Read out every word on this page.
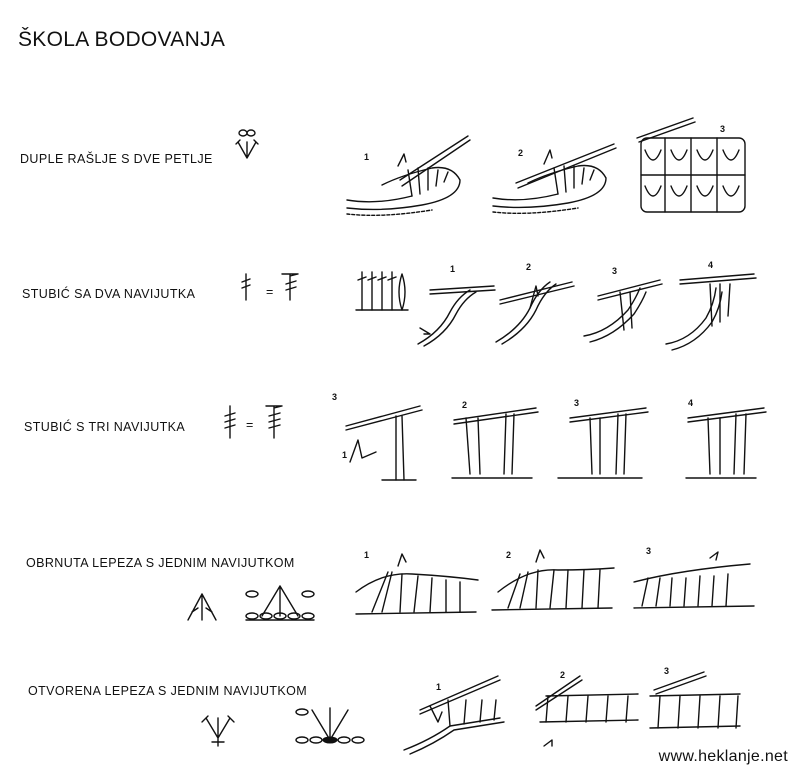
ŠKOLA BODOVANJA
DUPLE RAŠLJE S DVE PETLJE	1	2
3
STUBIĆ SA DVA NAVIJUTKA	=
1	2	3
4
STUBIĆ S TRI NAVIJUTKA	=
3
1
2	3	4
OBRNUTA LEPEZA S JEDNIM NAVIJUTKOM
1	2	3
OTVORENA LEPEZA S JEDNIM NAVIJUTKOM	1
2	3
www.heklanje.net
